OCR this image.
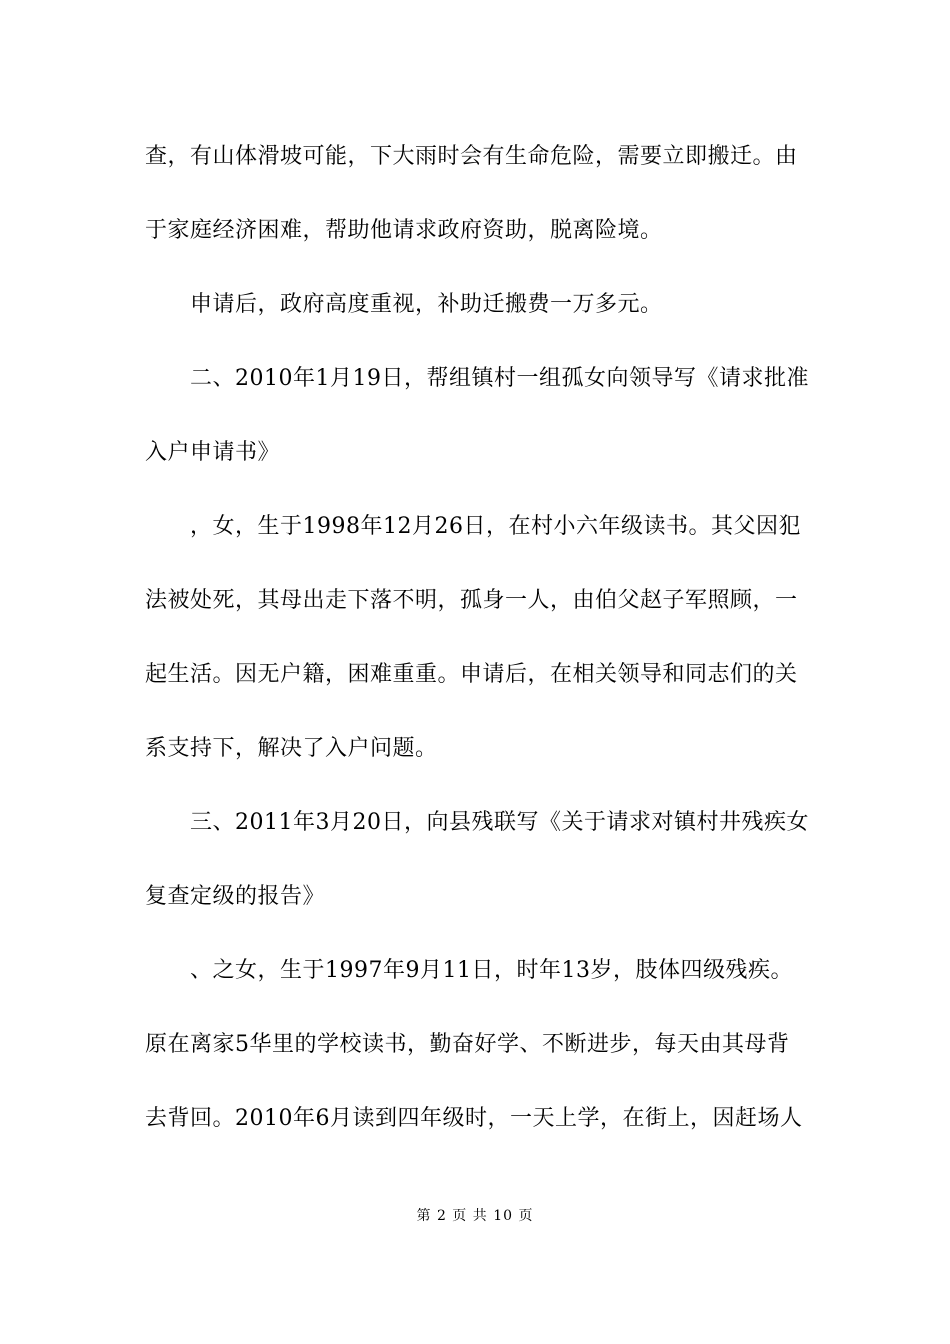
查，有山体滑坡可能，下大雨时会有生命危险，需要立即搬迁。由
于家庭经济困难，帮助他请求政府资助，脱离险境。
申请后，政府高度重视，补助迁搬费一万多元。
二、2010年1月19日，帮组镇村一组孤女向领导写《请求批准
入户申请书》
，女，生于1998年12月26日，在村小六年级读书。其父因犯
法被处死，其母出走下落不明，孤身一人，由伯父赵子军照顾，一
起生活。因无户籍，困难重重。申请后，在相关领导和同志们的关
系支持下，解决了入户问题。
三、2011年3月20日，向县残联写《关于请求对镇村井残疾女
复查定级的报告》
、之女，生于1997年9月11日，时年13岁，肢体四级残疾。
原在离家5华里的学校读书，勤奋好学、不断进步，每天由其母背
去背回。2010年6月读到四年级时，一天上学，在街上，因赶场人
第 2 页 共 10 页
